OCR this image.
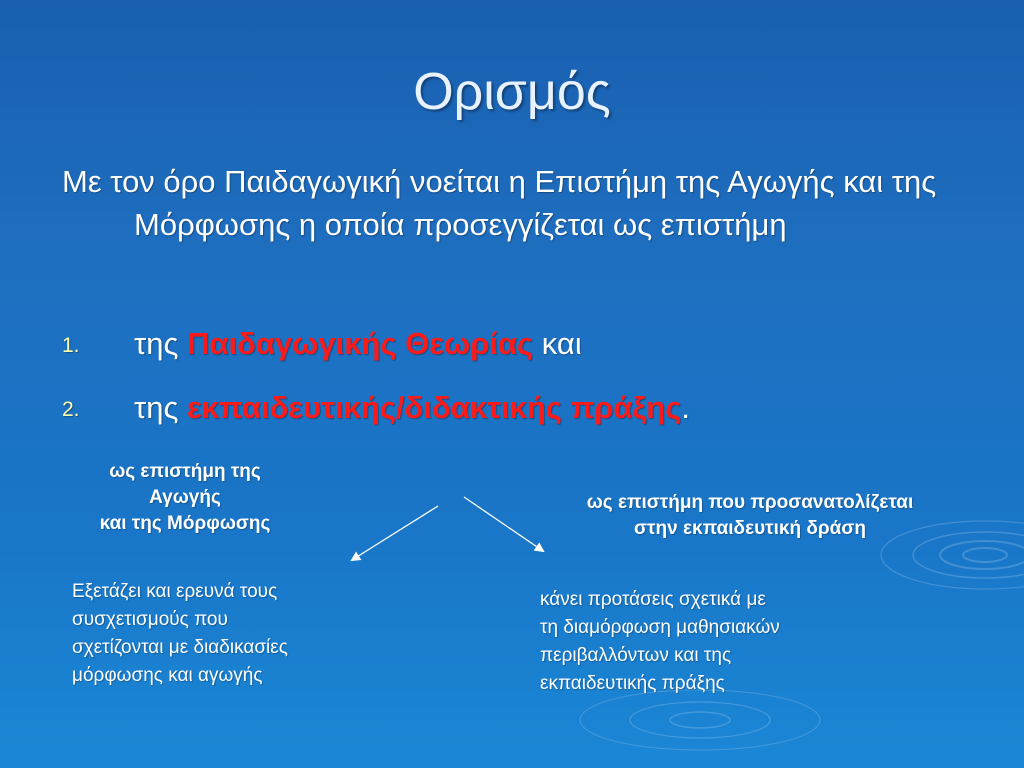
Ορισμός
Με τον όρο Παιδαγωγική νοείται η Επιστήμη της Αγωγής και της Μόρφωσης η οποία προσεγγίζεται ως επιστήμη
1. της Παιδαγωγικής Θεωρίας και
2. της εκπαιδευτικής/διδακτικής πράξης.
ως επιστήμη της
Αγωγής
και της Μόρφωσης
ως επιστήμη που προσανατολίζεται
στην εκπαιδευτική δράση
Εξετάζει και ερευνά τους
συσχετισμούς που
σχετίζονται με διαδικασίες
μόρφωσης και αγωγής
κάνει προτάσεις σχετικά με
τη διαμόρφωση μαθησιακών
περιβαλλόντων και της
εκπαιδευτικής πράξης
